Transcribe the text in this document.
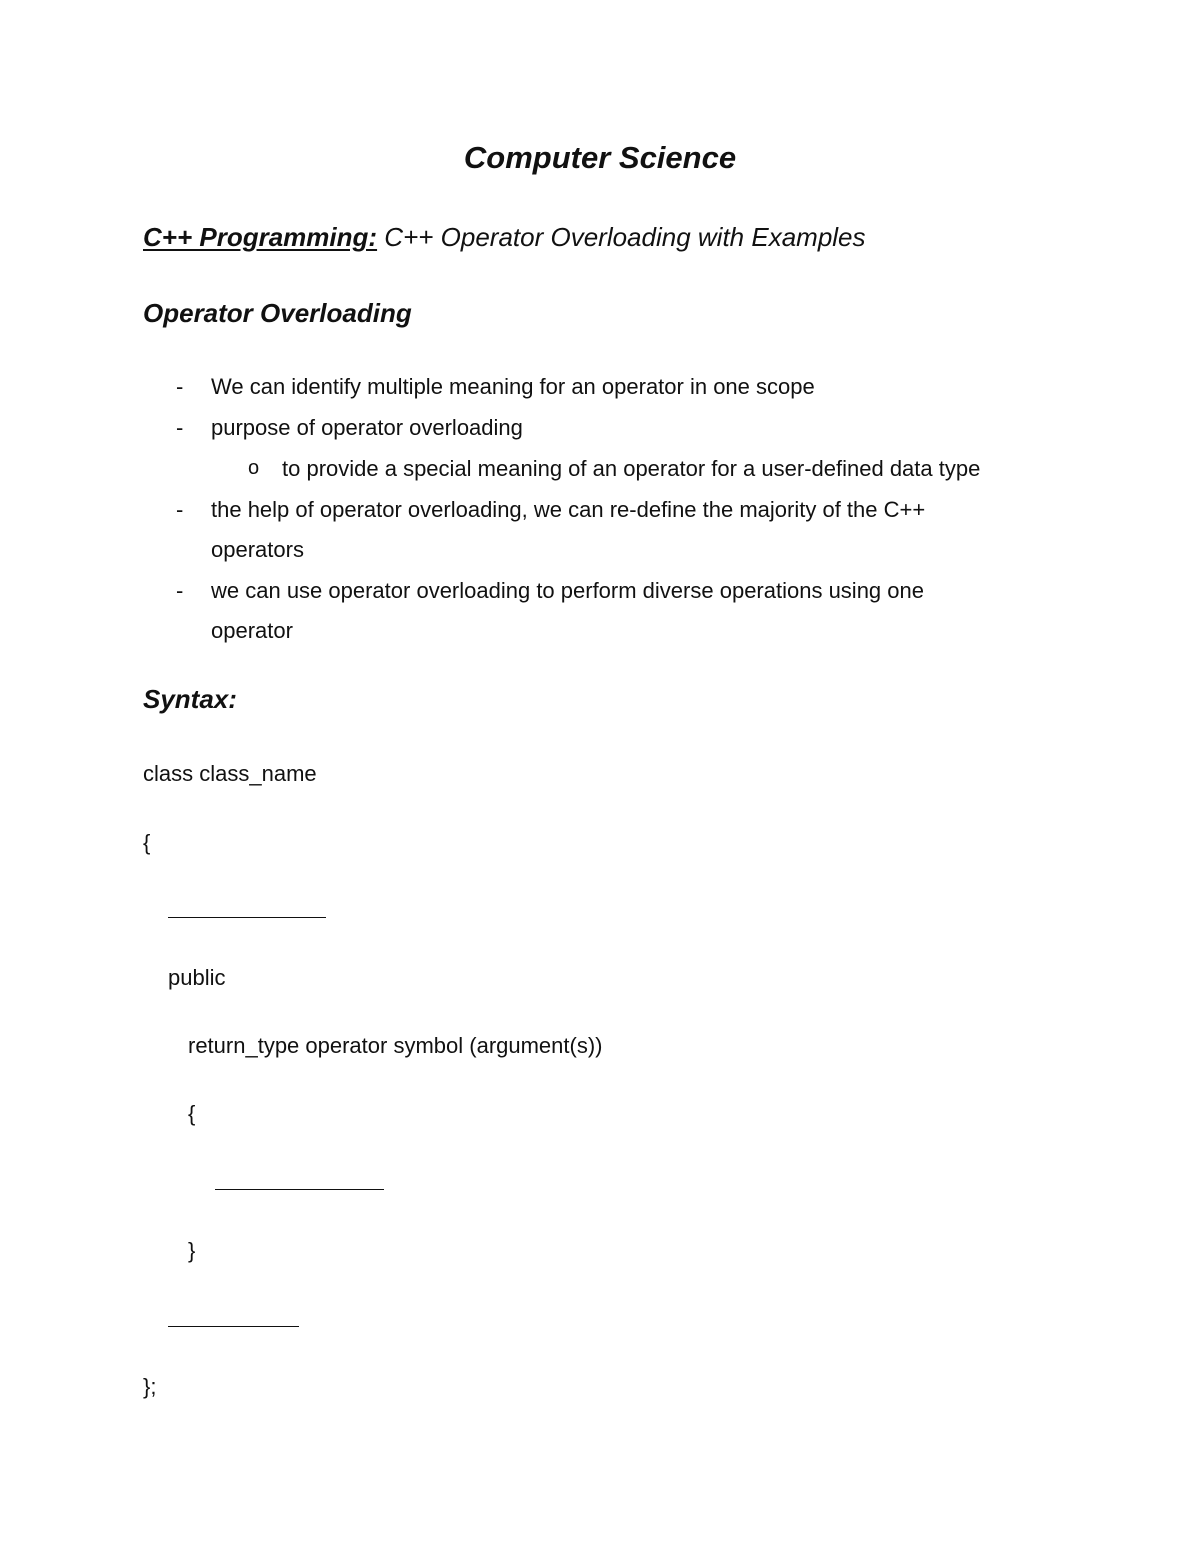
Computer Science
C++ Programming: C++ Operator Overloading with Examples
Operator Overloading
- We can identify multiple meaning for an operator in one scope
- purpose of operator overloading
o to provide a special meaning of an operator for a user-defined data type
- the help of operator overloading, we can re-define the majority of the C++
operators
- we can use operator overloading to perform diverse operations using one
operator
Syntax:
class class_name
{
public
return_type operator symbol (argument(s))
{
}
};
